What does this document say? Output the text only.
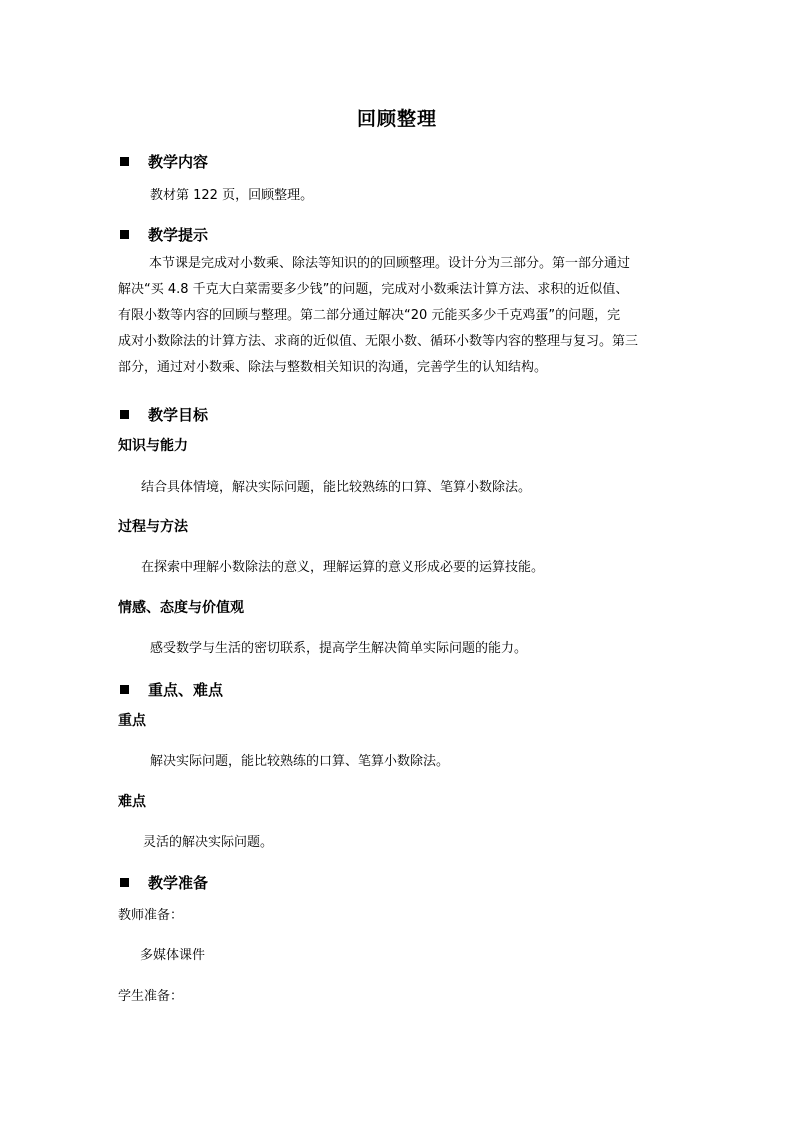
回顾整理
教学内容
教材第 122 页，回顾整理。
教学提示
本节课是完成对小数乘、除法等知识的的回顾整理。设计分为三部分。第一部分通过
解决“买 4.8 千克大白菜需要多少钱”的问题，完成对小数乘法计算方法、求积的近似值、
有限小数等内容的回顾与整理。第二部分通过解决“20 元能买多少千克鸡蛋”的问题，完
成对小数除法的计算方法、求商的近似值、无限小数、循环小数等内容的整理与复习。第三
部分，通过对小数乘、除法与整数相关知识的沟通，完善学生的认知结构。
教学目标
知识与能力
结合具体情境，解决实际问题，能比较熟练的口算、笔算小数除法。
过程与方法
在探索中理解小数除法的意义，理解运算的意义形成必要的运算技能。
情感、态度与价值观
感受数学与生活的密切联系，提高学生解决简单实际问题的能力。
重点、难点
重点
解决实际问题，能比较熟练的口算、笔算小数除法。
难点
灵活的解决实际问题。
教学准备
教师准备：
多媒体课件
学生准备：
